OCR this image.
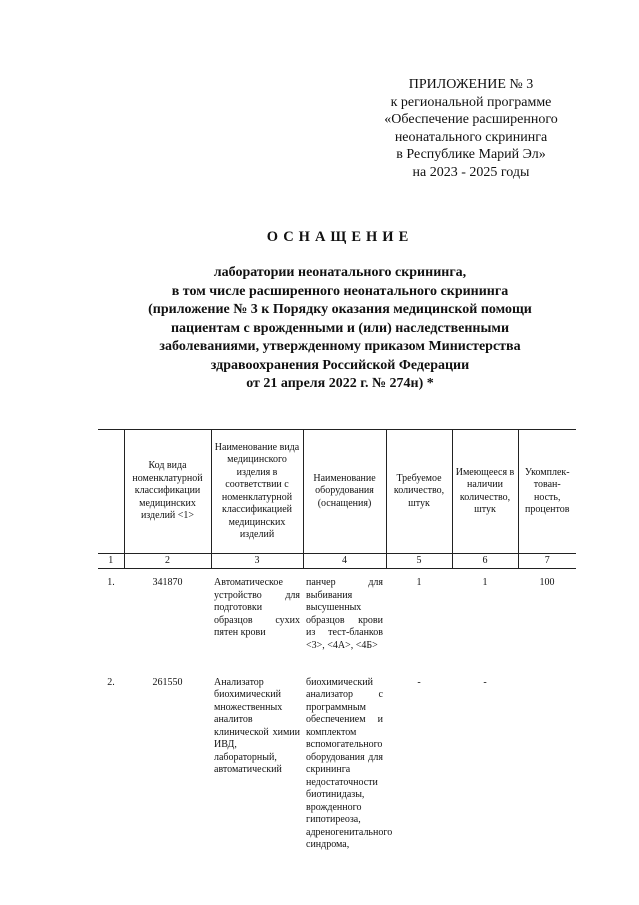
ПРИЛОЖЕНИЕ № 3
к региональной программе
«Обеспечение расширенного
неонатального скрининга
в Республике Марий Эл»
на 2023 - 2025 годы
ОСНАЩЕНИЕ
лаборатории неонатального скрининга,
в том числе расширенного неонатального скрининга
(приложение № 3 к Порядку оказания медицинской помощи
пациентам с врожденными и (или) наследственными
заболеваниями, утвержденному приказом Министерства
здравоохранения Российской Федерации
от 21 апреля 2022 г. № 274н) *
	Код вида номенклатурной классификации медицинских изделий <1>	Наименование вида медицинского изделия в соответствии с номенклатурной классификацией медицинских изделий	Наименование оборудования (оснащения)	Требуемое количество, штук	Имеющееся в наличии количество, штук	Укомплек-тован-ность, процентов
1	2	3	4	5	6	7
1.	341870	Автоматическое устройство для подготовки образцов сухих пятен крови	панчер для выбивания высушенных образцов крови из тест-бланков <3>, <4А>, <4Б>	1	1	100
2.	261550	Анализатор биохимический множественных аналитов клинической химии ИВД, лабораторный, автоматический	биохимический анализатор с программным обеспечением и комплектом вспомогательного оборудования для скрининга недостаточности биотинидазы, врожденного гипотиреоза, адреногенитального синдрома,	-	-	
